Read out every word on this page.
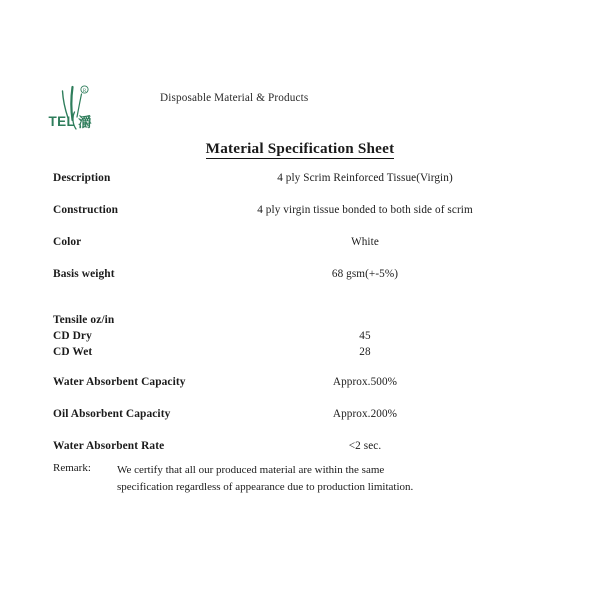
TEL 灂
R
Disposable Material & Products
Material Specification Sheet
Description	4 ply Scrim Reinforced Tissue(Virgin)
Construction	4 ply virgin tissue bonded to both side of scrim
Color	White
Basis weight	68 gsm(+-5%)
Tensile oz/in
CD Dry	45
CD Wet	28
Water Absorbent Capacity	Approx.500%
Oil Absorbent Capacity	Approx.200%
Water Absorbent Rate	<2 sec.
Remark: We certify that all our produced material are within the same
specification regardless of appearance due to production limitation.
